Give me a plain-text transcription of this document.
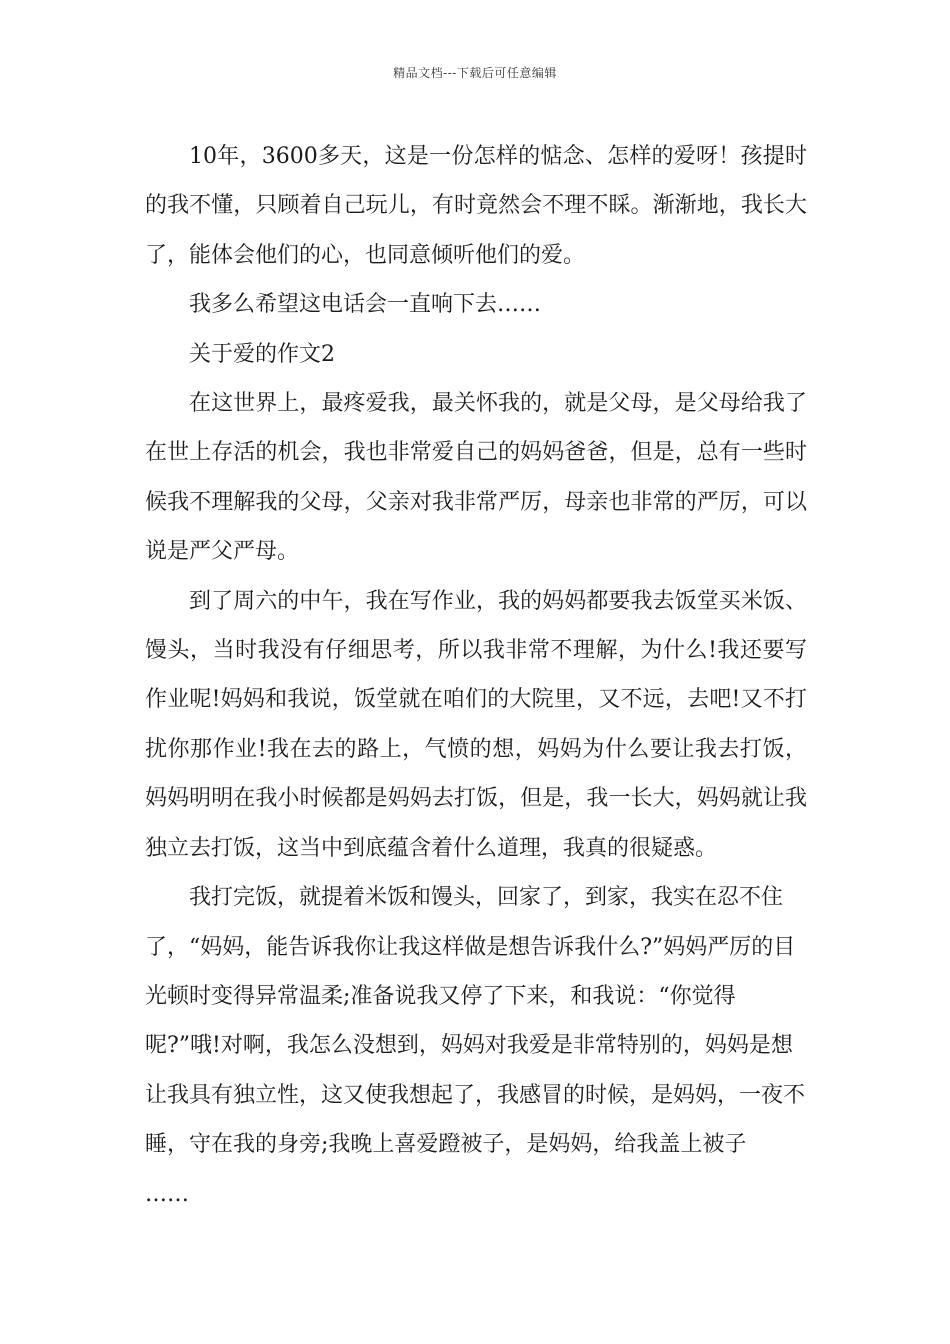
精品文档---下载后可任意编辑

10年，3600多天，这是一份怎样的惦念、怎样的爱呀！孩提时的我不懂，只顾着自己玩儿，有时竟然会不理不睬。渐渐地，我长大了，能体会他们的心，也同意倾听他们的爱。

我多么希望这电话会一直响下去……

关于爱的作文2

在这世界上，最疼爱我，最关怀我的，就是父母，是父母给我了在世上存活的机会，我也非常爱自己的妈妈爸爸，但是，总有一些时候我不理解我的父母，父亲对我非常严厉，母亲也非常的严厉，可以说是严父严母。

到了周六的中午，我在写作业，我的妈妈都要我去饭堂买米饭、馒头，当时我没有仔细思考，所以我非常不理解，为什么!我还要写作业呢!妈妈和我说，饭堂就在咱们的大院里，又不远，去吧!又不打扰你那作业!我在去的路上，气愤的想，妈妈为什么要让我去打饭，妈妈明明在我小时候都是妈妈去打饭，但是，我一长大，妈妈就让我独立去打饭，这当中到底蕴含着什么道理，我真的很疑惑。

我打完饭，就提着米饭和馒头，回家了，到家，我实在忍不住了，“妈妈，能告诉我你让我这样做是想告诉我什么?”妈妈严厉的目光顿时变得异常温柔;准备说我又停了下来，和我说：“你觉得呢?”哦!对啊，我怎么没想到，妈妈对我爱是非常特别的，妈妈是想让我具有独立性，这又使我想起了，我感冒的时候，是妈妈，一夜不睡，守在我的身旁;我晚上喜爱蹬被子，是妈妈，给我盖上被子

……
